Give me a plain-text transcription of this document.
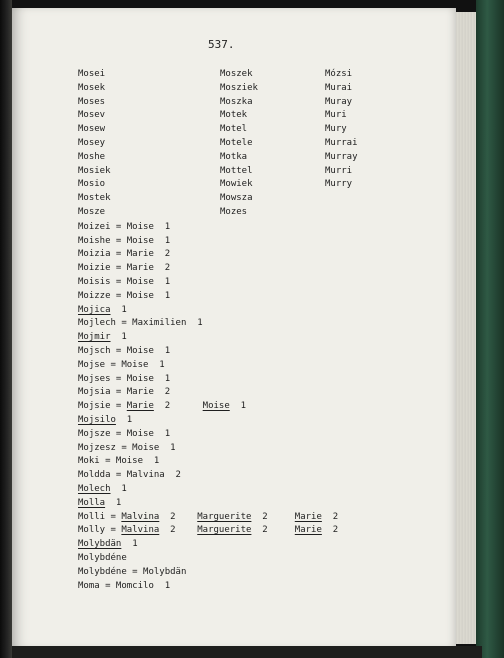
537.
Mosei
Mosek
Moses
Mosev
Mosew
Mosey
Moshe
Mosiek
Mosio
Mostek
Mosze
Moszek
Mosziek
Moszka
Motek
Motel
Motele
Motka
Mottel
Mowiek
Mowsza
Mozes
Mózsi
Murai
Muray
Muri
Mury
Murrai
Murray
Murri
Murry
Moizei = Moise  1
Moishe = Moise  1
Moizia = Marie  2
Moizie = Marie  2
Moisis = Moise  1
Moizze = Moise  1
Mojica  1
Mojlech = Maximilien  1
Mojmir  1
Mojsch = Moise  1
Mojse = Moise  1
Mojses = Moise  1
Mojsia = Marie  2
Mojsie = Marie  2      Moise  1
Mojsilo  1
Mojsze = Moise  1
Mojzesz = Moise  1
Moki = Moise  1
Moldda = Malvina  2
Molech  1
Molla  1
Molli = Malvina  2    Marguerite  2     Marie  2
Molly = Malvina  2    Marguerite  2     Marie  2
Molybdän  1
Molybdéne
Molybdéne = Molybdän
Moma = Momcilo  1
